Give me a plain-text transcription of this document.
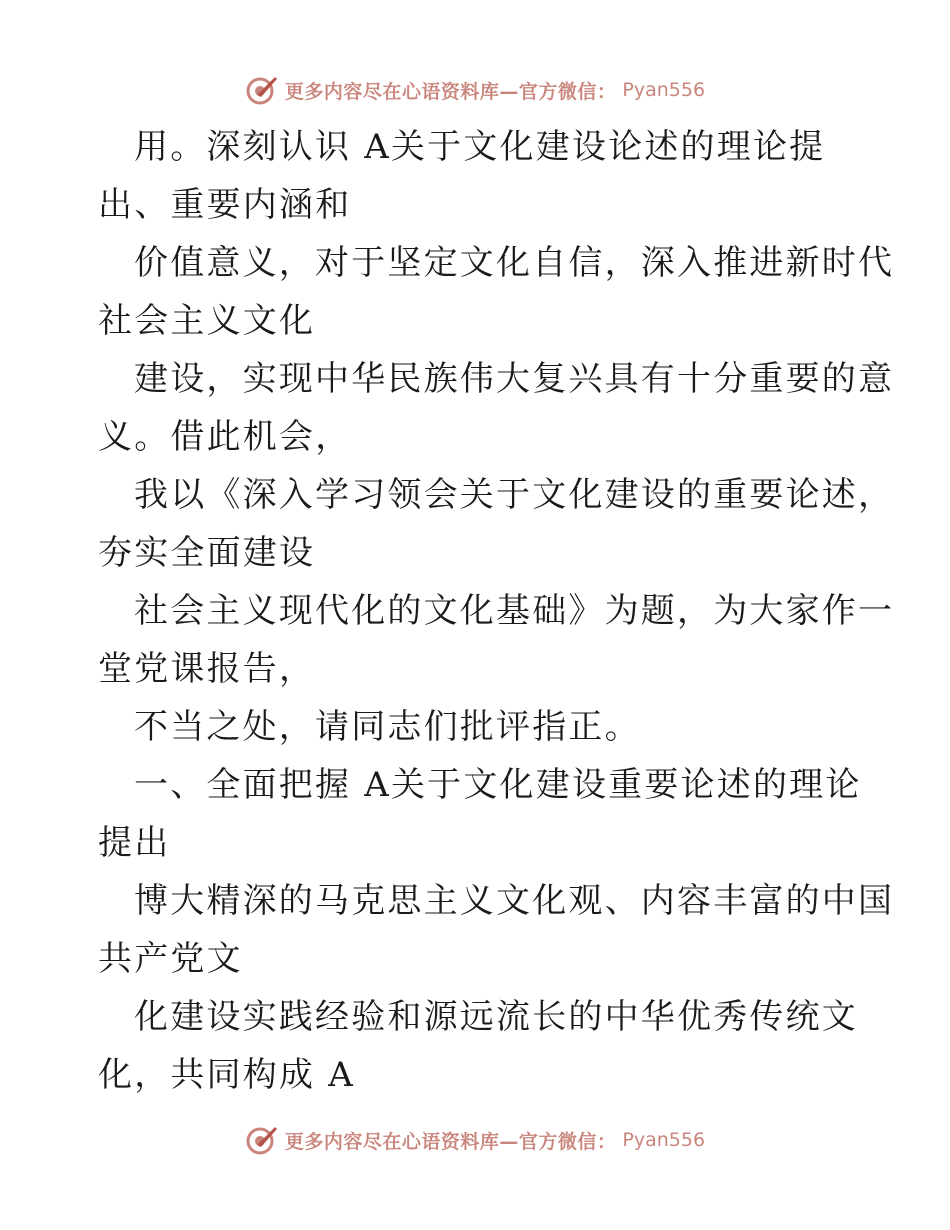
更多内容尽在心语资料库—官方微信： Pyan556
用。深刻认识 A关于文化建设论述的理论提
出、重要内涵和
价值意义，对于坚定文化自信，深入推进新时代
社会主义文化
建设，实现中华民族伟大复兴具有十分重要的意
义。借此机会，
我以《深入学习领会关于文化建设的重要论述，
夯实全面建设
社会主义现代化的文化基础》为题，为大家作一
堂党课报告，
不当之处，请同志们批评指正。
一、全面把握 A关于文化建设重要论述的理论
提出
博大精深的马克思主义文化观、内容丰富的中国
共产党文
化建设实践经验和源远流长的中华优秀传统文
化，共同构成 A
更多内容尽在心语资料库—官方微信： Pyan556
